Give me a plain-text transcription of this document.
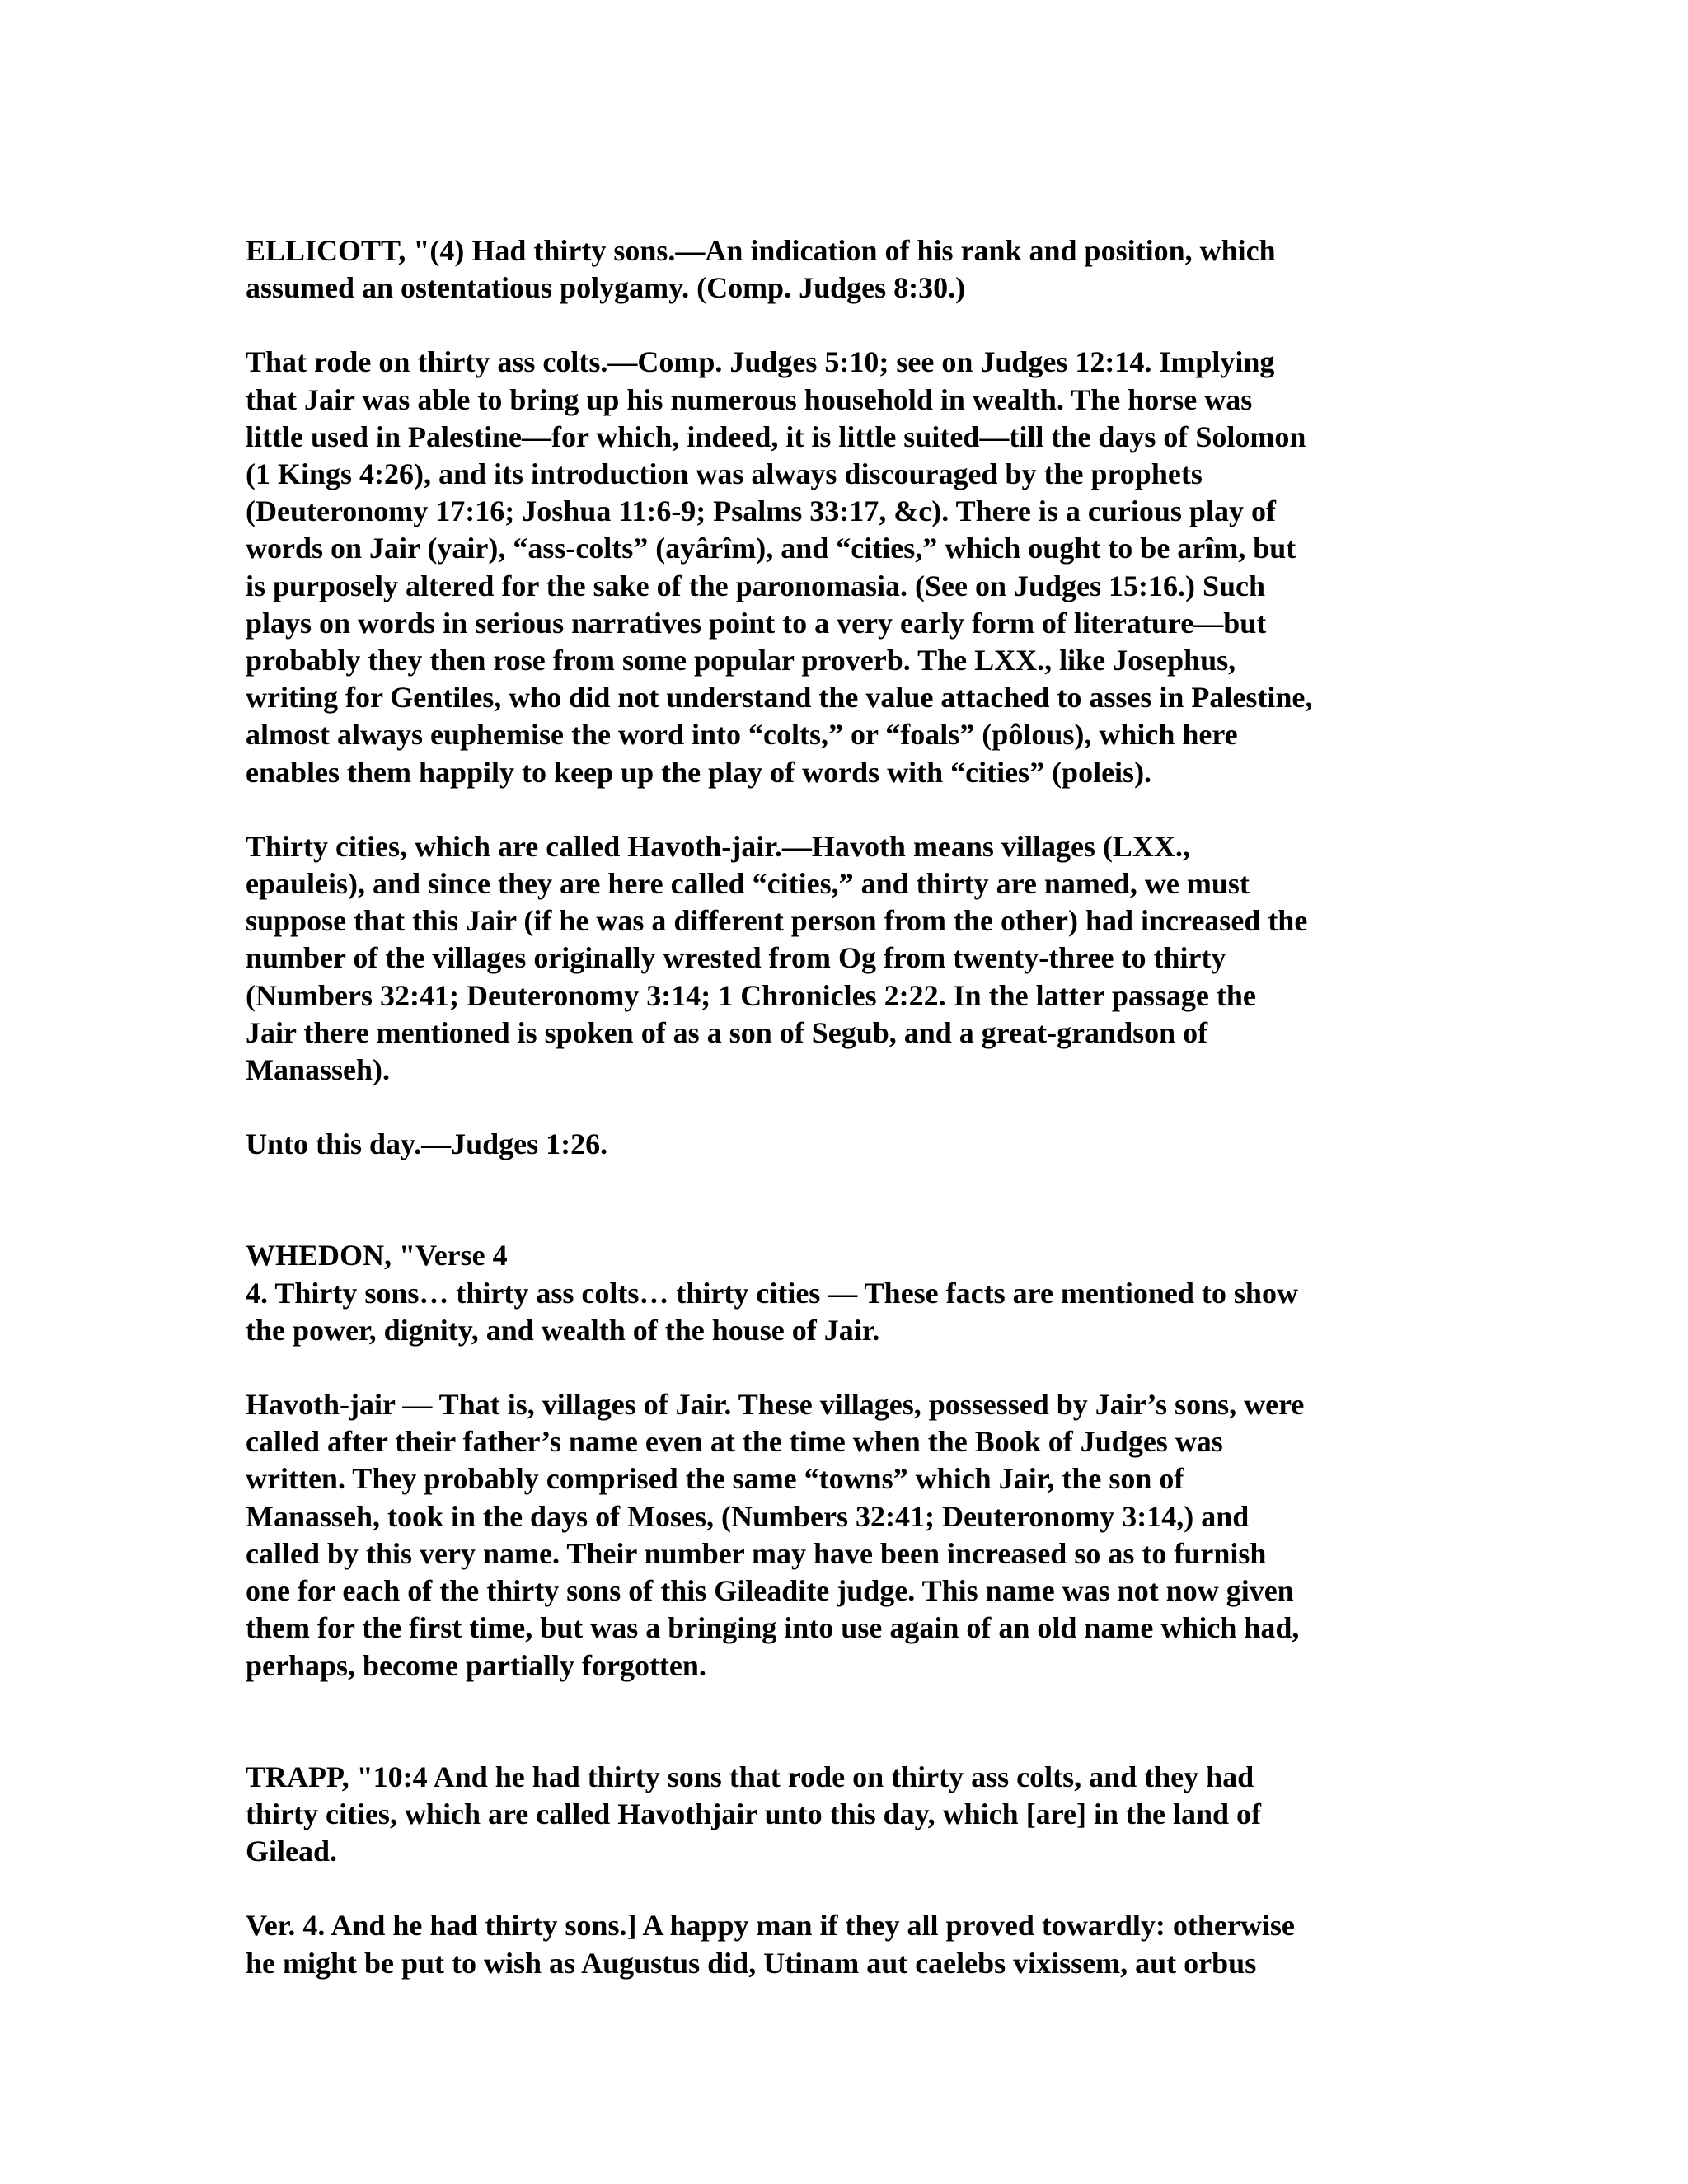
ELLICOTT, "(4) Had thirty sons.—An indication of his rank and position, which
assumed an ostentatious polygamy. (Comp. Judges 8:30.)

That rode on thirty ass colts.—Comp. Judges 5:10; see on Judges 12:14. Implying
that Jair was able to bring up his numerous household in wealth. The horse was
little used in Palestine—for which, indeed, it is little suited—till the days of Solomon
(1 Kings 4:26), and its introduction was always discouraged by the prophets
(Deuteronomy 17:16; Joshua 11:6-9; Psalms 33:17, &c). There is a curious play of
words on Jair (yair), “ass-colts” (ayârîm), and “cities,” which ought to be arîm, but
is purposely altered for the sake of the paronomasia. (See on Judges 15:16.) Such
plays on words in serious narratives point to a very early form of literature—but
probably they then rose from some popular proverb. The LXX., like Josephus,
writing for Gentiles, who did not understand the value attached to asses in Palestine,
almost always euphemise the word into “colts,” or “foals” (pôlous), which here
enables them happily to keep up the play of words with “cities” (poleis).

Thirty cities, which are called Havoth-jair.—Havoth means villages (LXX.,
epauleis), and since they are here called “cities,” and thirty are named, we must
suppose that this Jair (if he was a different person from the other) had increased the
number of the villages originally wrested from Og from twenty-three to thirty
(Numbers 32:41; Deuteronomy 3:14; 1 Chronicles 2:22. In the latter passage the
Jair there mentioned is spoken of as a son of Segub, and a great-grandson of
Manasseh).

Unto this day.—Judges 1:26.

WHEDON, "Verse 4
4. Thirty sons… thirty ass colts… thirty cities — These facts are mentioned to show
the power, dignity, and wealth of the house of Jair.

Havoth-jair — That is, villages of Jair. These villages, possessed by Jair’s sons, were
called after their father’s name even at the time when the Book of Judges was
written. They probably comprised the same “towns” which Jair, the son of
Manasseh, took in the days of Moses, (Numbers 32:41; Deuteronomy 3:14,) and
called by this very name. Their number may have been increased so as to furnish
one for each of the thirty sons of this Gileadite judge. This name was not now given
them for the first time, but was a bringing into use again of an old name which had,
perhaps, become partially forgotten.

TRAPP, "10:4 And he had thirty sons that rode on thirty ass colts, and they had
thirty cities, which are called Havothjair unto this day, which [are] in the land of
Gilead.

Ver. 4. And he had thirty sons.] A happy man if they all proved towardly: otherwise
he might be put to wish as Augustus did, Utinam aut caelebs vixissem, aut orbus
